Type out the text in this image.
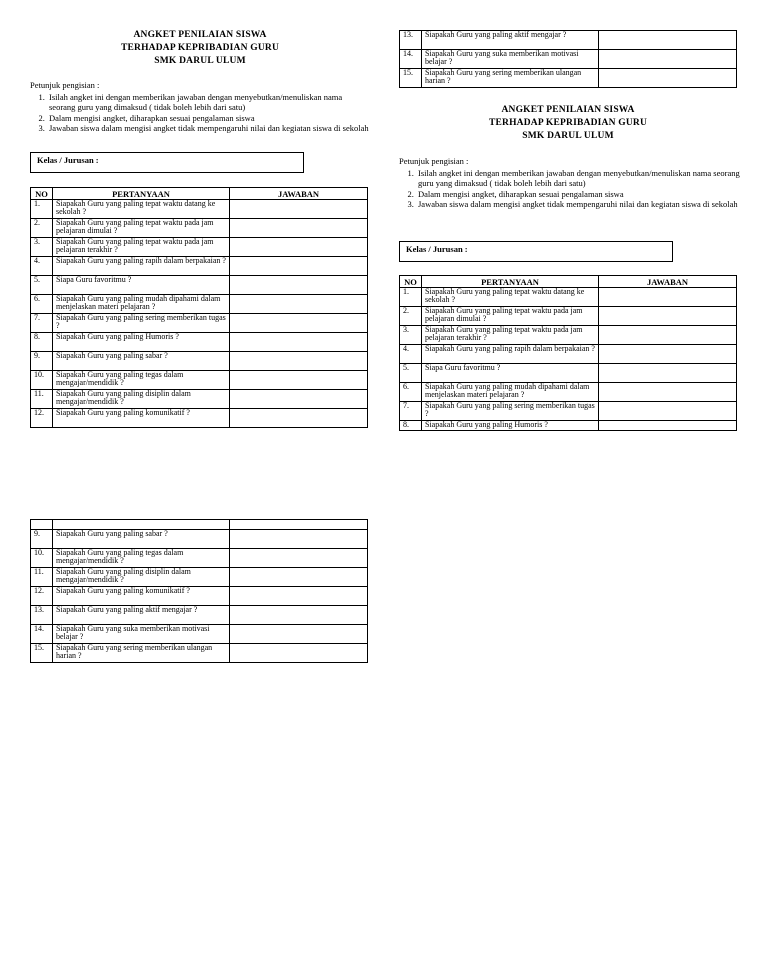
ANGKET PENILAIAN SISWA
TERHADAP KEPRIBADIAN GURU
SMK DARUL ULUM
Petunjuk pengisian :
1. Isilah angket ini dengan memberikan jawaban dengan menyebutkan/menuliskan nama seorang guru yang dimaksud ( tidak boleh lebih dari satu)
2. Dalam mengisi angket, diharapkan sesuai pengalaman siswa
3. Jawaban siswa dalam mengisi angket tidak mempengaruhi nilai dan kegiatan siswa di sekolah
Kelas / Jurusan :
NO	PERTANYAAN	JAWABAN
1.	Siapakah Guru yang paling tepat waktu datang ke sekolah ?	
2.	Siapakah Guru yang paling tepat waktu pada jam pelajaran dimulai ?	
3.	Siapakah Guru yang paling tepat waktu pada jam pelajaran terakhir ?	
4.	Siapakah Guru yang paling rapih dalam berpakaian ?	
5.	Siapa Guru favoritmu ?	
6.	Siapakah Guru yang paling mudah dipahami dalam menjelaskan materi pelajaran ?	
7.	Siapakah Guru yang paling sering memberikan tugas ?	
8.	Siapakah Guru yang paling Humoris ?	
9.	Siapakah Guru yang paling sabar ?	
10.	Siapakah Guru yang paling tegas dalam mengajar/mendidik ?	
11.	Siapakah Guru yang paling disiplin dalam mengajar/mendidik ?	
12.	Siapakah Guru yang paling komunikatif ?	

9.	Siapakah Guru yang paling sabar ?	
10.	Siapakah Guru yang paling tegas dalam mengajar/mendidik ?	
11.	Siapakah Guru yang paling disiplin dalam mengajar/mendidik ?	
12.	Siapakah Guru yang paling komunikatif ?	
13.	Siapakah Guru yang paling aktif mengajar ?	
14.	Siapakah Guru yang suka memberikan motivasi belajar ?	
15.	Siapakah Guru yang sering memberikan ulangan harian ?	
13.	Siapakah Guru yang paling aktif mengajar ?	
14.	Siapakah Guru yang suka memberikan motivasi belajar ?	
15.	Siapakah Guru yang sering memberikan ulangan harian ?	
ANGKET PENILAIAN SISWA
TERHADAP KEPRIBADIAN GURU
SMK DARUL ULUM
Petunjuk pengisian :
1. Isilah angket ini dengan memberikan jawaban dengan menyebutkan/menuliskan nama seorang guru yang dimaksud ( tidak boleh lebih dari satu)
2. Dalam mengisi angket, diharapkan sesuai pengalaman siswa
3. Jawaban siswa dalam mengisi angket tidak mempengaruhi nilai dan kegiatan siswa di sekolah
Kelas / Jurusan :
NO	PERTANYAAN	JAWABAN
1.	Siapakah Guru yang paling tepat waktu datang ke sekolah ?	
2.	Siapakah Guru yang paling tepat waktu pada jam pelajaran dimulai ?	
3.	Siapakah Guru yang paling tepat waktu pada jam pelajaran terakhir ?	
4.	Siapakah Guru yang paling rapih dalam berpakaian ?	
5.	Siapa Guru favoritmu ?	
6.	Siapakah Guru yang paling mudah dipahami dalam menjelaskan materi pelajaran ?	
7.	Siapakah Guru yang paling sering memberikan tugas ?	
8.	Siapakah Guru yang paling Humoris ?	
